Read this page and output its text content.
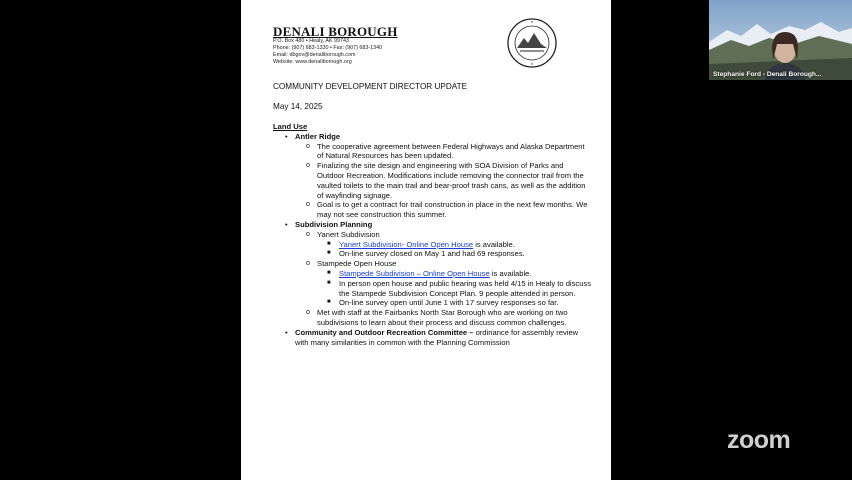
DENALI BOROUGH
P.O. Box 480 • Healy, AK 99743
Phone: (907) 683-1330 • Fax: (907) 683-1340
Email: dbgov@denaliborough.com
Website: www.denaliborough.org
COMMUNITY DEVELOPMENT DIRECTOR UPDATE
May 14, 2025
Land Use
• Antler Ridge
o The cooperative agreement between Federal Highways and Alaska Department of Natural Resources has been updated.
o Finalizing the site design and engineering with SOA Division of Parks and Outdoor Recreation. Modifications include removing the connector trail from the vaulted toilets to the main trail and bear-proof trash cans, as well as the addition of wayfinding signage.
o Goal is to get a contract for trail construction in place in the next few months. We may not see construction this summer.
• Subdivision Planning
o Yanert Subdivision
■ Yanert Subdivision- Online Open House is available.
■ On-line survey closed on May 1 and had 69 responses.
o Stampede Open House
■ Stampede Subdivision – Online Open House is available.
■ In person open house and public hearing was held 4/15 in Healy to discuss the Stampede Subdivision Concept Plan. 9 people attended in person.
■ On-line survey open until June 1 with 17 survey responses so far.
o Met with staff at the Fairbanks North Star Borough who are working on two subdivisions to learn about their process and discuss common challenges.
• Community and Outdoor Recreation Committee – ordinance for assembly review with many similarities in common with the Planning Commission
Stephanie Ford - Denali Borough...
zoom
